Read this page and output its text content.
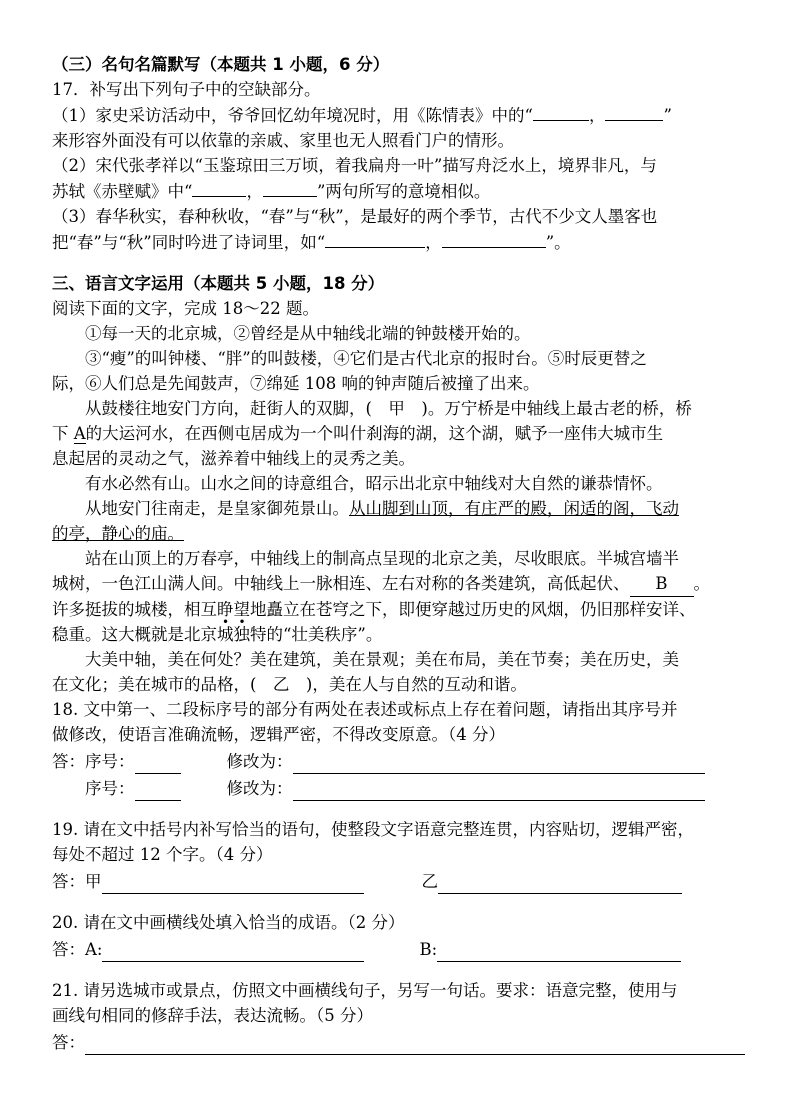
（三）名句名篇默写（本题共 1 小题，6 分）

17．补写出下列句子中的空缺部分。

（1）家史采访活动中，爷爷回忆幼年境况时，用《陈情表》中的“	，	”

来形容外面没有可以依靠的亲戚、家里也无人照看门户的情形。

（2）宋代张孝祥以“玉鉴琼田三万顷，着我扁舟一叶”描写舟泛水上，境界非凡，与

苏轼《赤壁赋》中“	，	”两句所写的意境相似。

（3）春华秋实，春种秋收，“春”与“秋”，是最好的两个季节，古代不少文人墨客也

把“春”与“秋”同时吟进了诗词里，如“	，	”。

三、语言文字运用（本题共 5 小题，18 分）

阅读下面的文字，完成 18～22 题。

①每一天的北京城，②曾经是从中轴线北端的钟鼓楼开始的。

③“瘦”的叫钟楼、“胖”的叫鼓楼，④它们是古代北京的报时台。⑤时辰更替之

际，⑥人们总是先闻鼓声，⑦绵延 108 响的钟声随后被撞了出来。

从鼓楼往地安门方向，赶街人的双脚，(　甲　)。万宁桥是中轴线上最古老的桥，桥

下 A的大运河水，在西侧屯居成为一个叫什刹海的湖，这个湖，赋予一座伟大城市生

息起居的灵动之气，滋养着中轴线上的灵秀之美。

有水必然有山。山水之间的诗意组合，昭示出北京中轴线对大自然的谦恭情怀。

从地安门往南走，是皇家御苑景山。从山脚到山顶，有庄严的殿，闲适的阁，飞动

的亭，静心的庙。

站在山顶上的万春亭，中轴线上的制高点呈现的北京之美，尽收眼底。半城宫墙半

城树，一色江山满人间。中轴线上一脉相连、左右对称的各类建筑，高低起伏、 B 。

许多挺拔的城楼，相互睁望地矗立在苍穹之下，即便穿越过历史的风烟，仍旧那样安详、

稳重。这大概就是北京城独特的“壮美秩序”。

大美中轴，美在何处？美在建筑，美在景观；美在布局，美在节奏；美在历史，美

在文化；美在城市的品格，(　乙　)，美在人与自然的互动和谐。

18. 文中第一、二段标序号的部分有两处在表述或标点上存在着问题，请指出其序号并

做修改，使语言准确流畅，逻辑严密，不得改变原意。（4 分）

答： 序号：	修改为：
序号：	修改为：

19. 请在文中括号内补写恰当的语句，使整段文字语意完整连贯，内容贴切，逻辑严密，

每处不超过 12 个字。（4 分）

答：甲	乙

20. 请在文中画横线处填入恰当的成语。（2 分）

答：A:	B:

21. 请另选城市或景点，仿照文中画横线句子，另写一句话。要求：语意完整，使用与

画线句相同的修辞手法，表达流畅。（5 分）

答：
